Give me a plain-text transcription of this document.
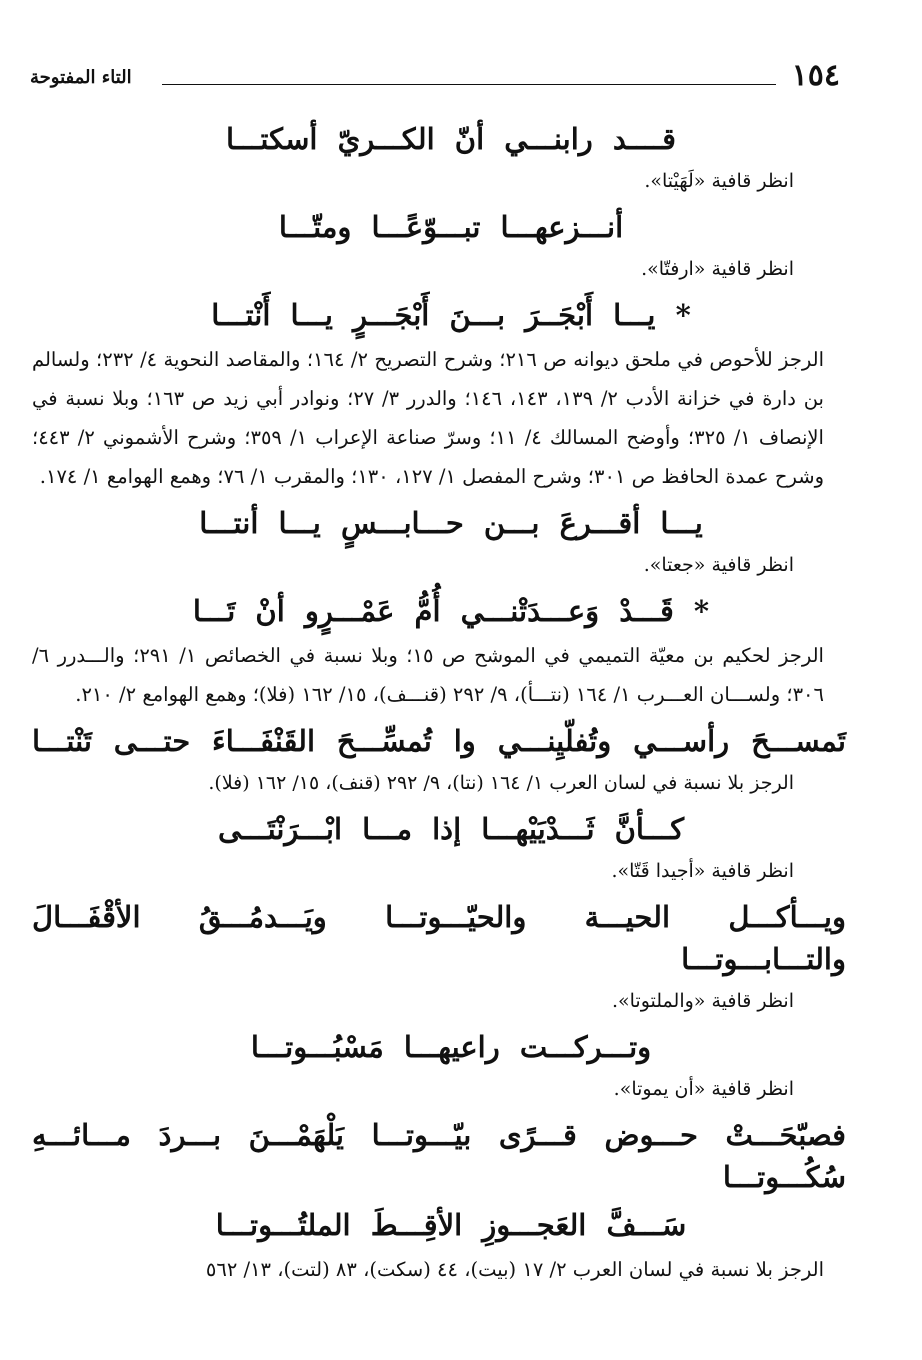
١٥٤
التاء المفتوحة
قــــد رابنـــي أنّ الكـــريّ أسكتـــا
انظر قافية «لَهَيْتا».
أنـــزعهـــا تبـــوّعًـــا ومتّـــا
انظر قافية «ارفتّا».
* يـــا أَبْجَــرَ بـــنَ أَبْجَـــرٍ يـــا أَنْتـــا
الرجز للأحوص في ملحق ديوانه ص ٢١٦؛ وشرح التصريح ٢/ ١٦٤؛ والمقاصد النحوية ٤/ ٢٣٢؛ ولسالم بن دارة في خزانة الأدب ٢/ ١٣٩، ١٤٣، ١٤٦؛ والدرر ٣/ ٢٧؛ ونوادر أبي زيد ص ١٦٣؛ وبلا نسبة في الإنصاف ١/ ٣٢٥؛ وأوضح المسالك ٤/ ١١؛ وسرّ صناعة الإعراب ١/ ٣٥٩؛ وشرح الأشموني ٢/ ٤٤٣؛ وشرح عمدة الحافظ ص ٣٠١؛ وشرح المفصل ١/ ١٢٧، ١٣٠؛ والمقرب ١/ ٧٦؛ وهمع الهوامع ١/ ١٧٤.
يـــا أقـــرعَ بـــن حـــابـــسٍ يـــا أنتـــا
انظر قافية «جعتا».
* قَـــدْ وَعـــدَتْنـــي أُمُّ عَمْـــرٍو أنْ تَـــا
الرجز لحكيم بن معيّة التميمي في الموشح ص ١٥؛ وبلا نسبة في الخصائص ١/ ٢٩١؛ والـــدرر ٦/ ٣٠٦؛ ولســـان العـــرب ١/ ١٦٤ (نتـــأ)، ٩/ ٢٩٢ (قنـــف)، ١٥/ ١٦٢ (فلا)؛ وهمع الهوامع ٢/ ٢١٠.
تَمســـحَ رأســـي وتُفلّيِنـــي وا تُمسِّـــحَ القَنْفَـــاءَ حتـــى تَنْتـــا
الرجز بلا نسبة في لسان العرب ١/ ١٦٤ (نتا)، ٩/ ٢٩٢ (قنف)، ١٥/ ١٦٢ (فلا).
كـــأنَّ ثَـــدْيَيْهـــا إذا مـــا ابْـــرَنْتَـــى
انظر قافية «أجيدا قَتّا».
ويـــأكـــل الحيـــة والحيّـــوتـــا ويَـــدمُـــقُ الأقْفَـــالَ والتـــابـــوتـــا
انظر قافية «والملتوتا».
وتـــركـــت راعيهـــا مَسْبُـــوتـــا
انظر قافية «أن يموتا».
فصبّحَـــتْ حـــوض قـــرًى بيّـــوتـــا يَلْهَمْـــنَ بـــردَ مـــائـــهِ سُكُـــوتـــا
سَـــفَّ العَجـــوزِ الأقِـــطَ الملتُـــوتـــا
الرجز بلا نسبة في لسان العرب ٢/ ١٧ (بيت)، ٤٤ (سكت)، ٨٣ (لتت)، ١٣/ ٥٦٢
